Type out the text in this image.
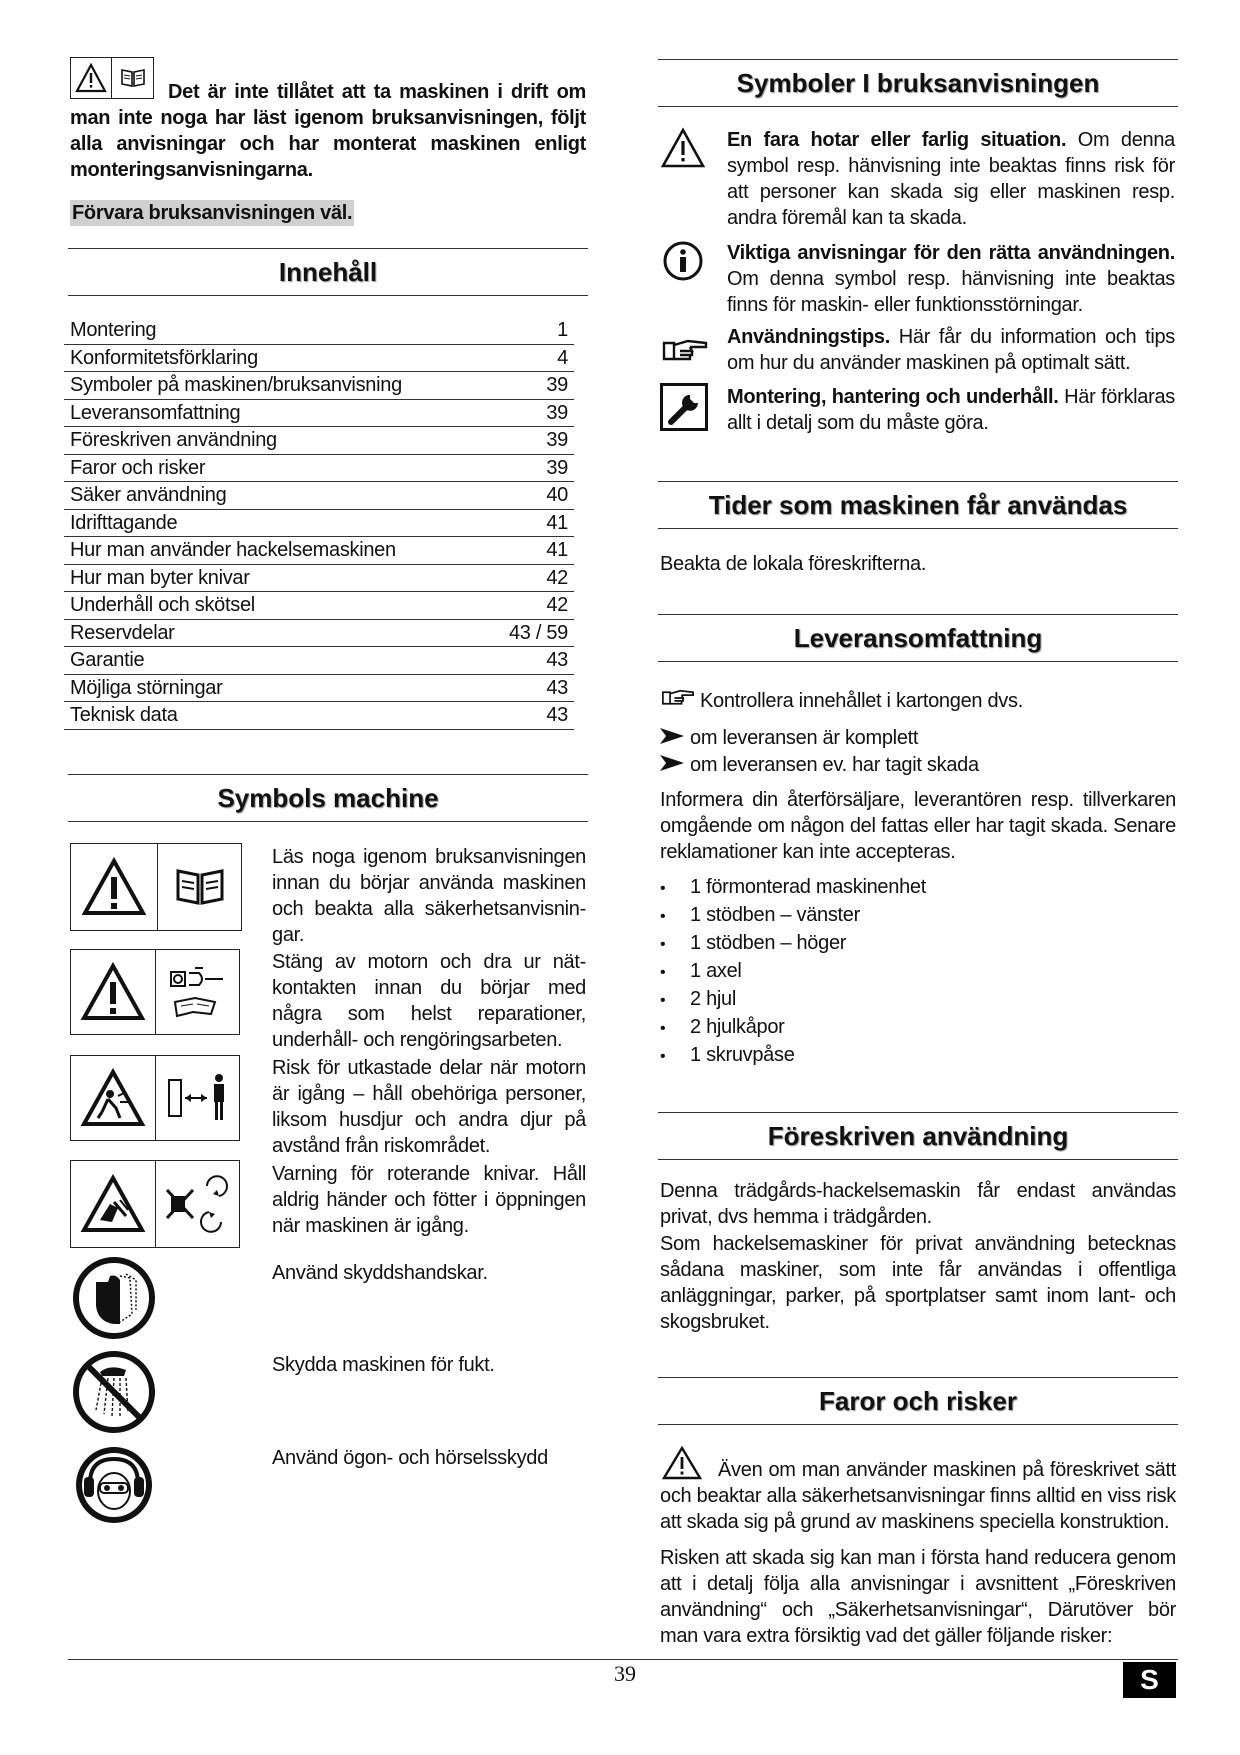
Det är inte tillåtet att ta maskinen i drift om man inte noga har läst igenom bruksanvisningen, följt alla anvisningar och har monterat maskinen enligt monteringsanvisningarna.
Förvara bruksanvisningen väl.
Innehåll
Montering	1
Konformitetsförklaring	4
Symboler på maskinen/bruksanvisning	39
Leveransomfattning	39
Föreskriven användning	39
Faror och risker	39
Säker användning	40
Idrifttagande	41
Hur man använder hackelsemaskinen	41
Hur man byter knivar	42
Underhåll och skötsel	42
Reservdelar	43 / 59
Garantie	43
Möjliga störningar	43
Teknisk data	43
Symbols machine
Läs noga igenom bruksanvisningen innan du börjar använda maskinen och beakta alla säkerhetsanvisnin-gar.
Stäng av motorn och dra ur nät-kontakten innan du börjar med några som helst reparationer, underhåll- och rengöringsarbeten.
Risk för utkastade delar när motorn är igång – håll obehöriga personer, liksom husdjur och andra djur på avstånd från riskområdet.
Varning för roterande knivar. Håll aldrig händer och fötter i öppningen när maskinen är igång.
Använd skyddshandskar.
Skydda maskinen för fukt.
Använd ögon- och hörselsskydd
Symboler I bruksanvisningen
En fara hotar eller farlig situation. Om denna symbol resp. hänvisning inte beaktas finns risk för att personer kan skada sig eller maskinen resp. andra föremål kan ta skada.
Viktiga anvisningar för den rätta användningen. Om denna symbol resp. hänvisning inte beaktas finns för maskin- eller funktionsstörningar.
Användningstips. Här får du information och tips om hur du använder maskinen på optimalt sätt.
Montering, hantering och underhåll. Här förklaras allt i detalj som du måste göra.
Tider som maskinen får användas
Beakta de lokala föreskrifterna.
Leveransomfattning
Kontrollera innehållet i kartongen dvs.
om leveransen är komplett
om leveransen ev. har tagit skada
Informera din återförsäljare, leverantören resp. tillverkaren omgående om någon del fattas eller har tagit skada. Senare reklamationer kan inte accepteras.
•	1 förmonterad maskinenhet
•	1 stödben – vänster
•	1 stödben – höger
•	1 axel
•	2 hjul
•	2 hjulkåpor
•	1 skruvpåse
Föreskriven användning
Denna trädgårds-hackelsemaskin får endast användas privat, dvs hemma i trädgården.
Som hackelsemaskiner för privat användning betecknas sådana maskiner, som inte får användas i offentliga anläggningar, parker, på sportplatser samt inom lant- och skogsbruket.
Faror och risker
Även om man använder maskinen på föreskrivet sätt och beaktar alla säkerhetsanvisningar finns alltid en viss risk att skada sig på grund av maskinens speciella konstruktion.
Risken att skada sig kan man i första hand reducera genom att i detalj följa alla anvisningar i avsnittent „Föreskriven användning“ och „Säkerhetsanvisningar“, Därutöver bör man vara extra försiktig vad det gäller följande risker:
39	S
